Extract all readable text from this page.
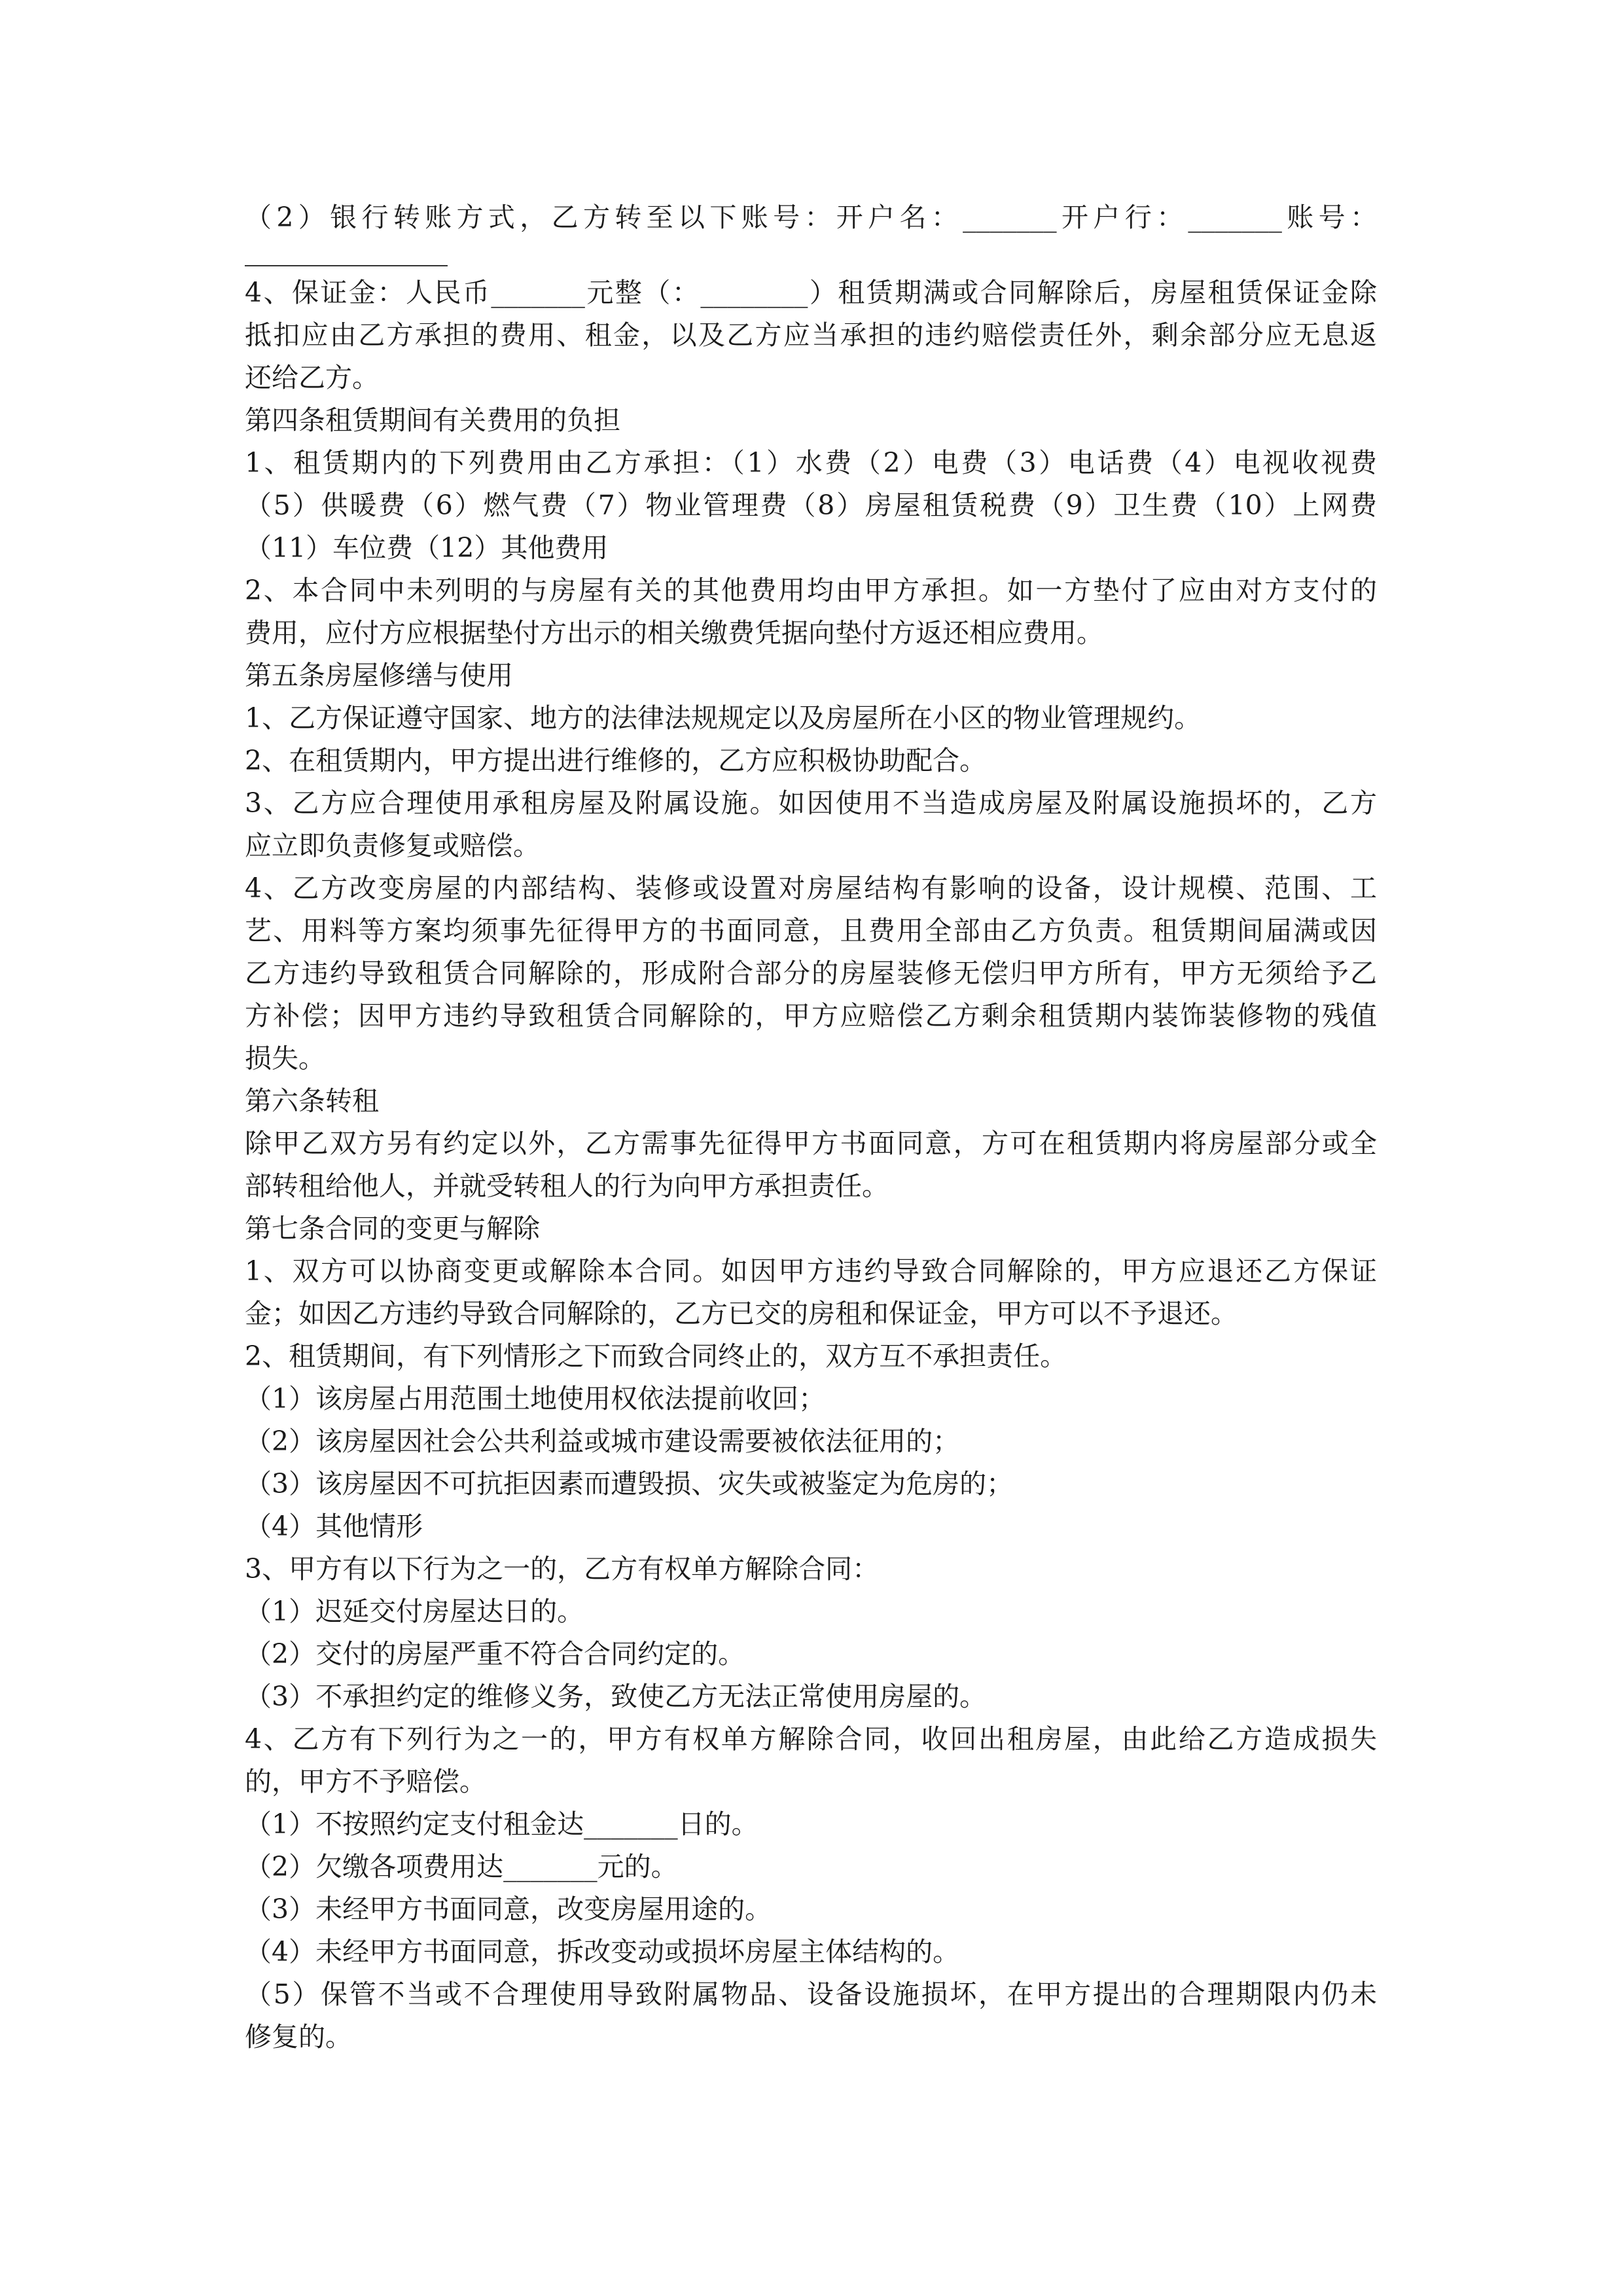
（2）银行转账方式，乙方转至以下账号：开户名：_______开户行：_______账号：

4、保证金：人民币_______元整（：________）租赁期满或合同解除后，房屋租赁保证金除

抵扣应由乙方承担的费用、租金，以及乙方应当承担的违约赔偿责任外，剩余部分应无息返

还给乙方。

第四条租赁期间有关费用的负担

1、租赁期内的下列费用由乙方承担：（1）水费（2）电费（3）电话费（4）电视收视费

（5）供暖费（6）燃气费（7）物业管理费（8）房屋租赁税费（9）卫生费（10）上网费

（11）车位费（12）其他费用

2、本合同中未列明的与房屋有关的其他费用均由甲方承担。如一方垫付了应由对方支付的

费用，应付方应根据垫付方出示的相关缴费凭据向垫付方返还相应费用。

第五条房屋修缮与使用

1、乙方保证遵守国家、地方的法律法规规定以及房屋所在小区的物业管理规约。

2、在租赁期内，甲方提出进行维修的，乙方应积极协助配合。

3、乙方应合理使用承租房屋及附属设施。如因使用不当造成房屋及附属设施损坏的，乙方

应立即负责修复或赔偿。

4、乙方改变房屋的内部结构、装修或设置对房屋结构有影响的设备，设计规模、范围、工

艺、用料等方案均须事先征得甲方的书面同意，且费用全部由乙方负责。租赁期间届满或因

乙方违约导致租赁合同解除的，形成附合部分的房屋装修无偿归甲方所有，甲方无须给予乙

方补偿；因甲方违约导致租赁合同解除的，甲方应赔偿乙方剩余租赁期内装饰装修物的残值

损失。

第六条转租

除甲乙双方另有约定以外，乙方需事先征得甲方书面同意，方可在租赁期内将房屋部分或全

部转租给他人，并就受转租人的行为向甲方承担责任。

第七条合同的变更与解除

1、双方可以协商变更或解除本合同。如因甲方违约导致合同解除的，甲方应退还乙方保证

金；如因乙方违约导致合同解除的，乙方已交的房租和保证金，甲方可以不予退还。

2、租赁期间，有下列情形之下而致合同终止的，双方互不承担责任。

（1）该房屋占用范围土地使用权依法提前收回；

（2）该房屋因社会公共利益或城市建设需要被依法征用的；

（3）该房屋因不可抗拒因素而遭毁损、灾失或被鉴定为危房的；

（4）其他情形

3、甲方有以下行为之一的，乙方有权单方解除合同：

（1）迟延交付房屋达日的。

（2）交付的房屋严重不符合合同约定的。

（3）不承担约定的维修义务，致使乙方无法正常使用房屋的。

4、乙方有下列行为之一的，甲方有权单方解除合同，收回出租房屋，由此给乙方造成损失

的，甲方不予赔偿。

（1）不按照约定支付租金达_______日的。

（2）欠缴各项费用达_______元的。

（3）未经甲方书面同意，改变房屋用途的。

（4）未经甲方书面同意，拆改变动或损坏房屋主体结构的。

（5）保管不当或不合理使用导致附属物品、设备设施损坏，在甲方提出的合理期限内仍未

修复的。
